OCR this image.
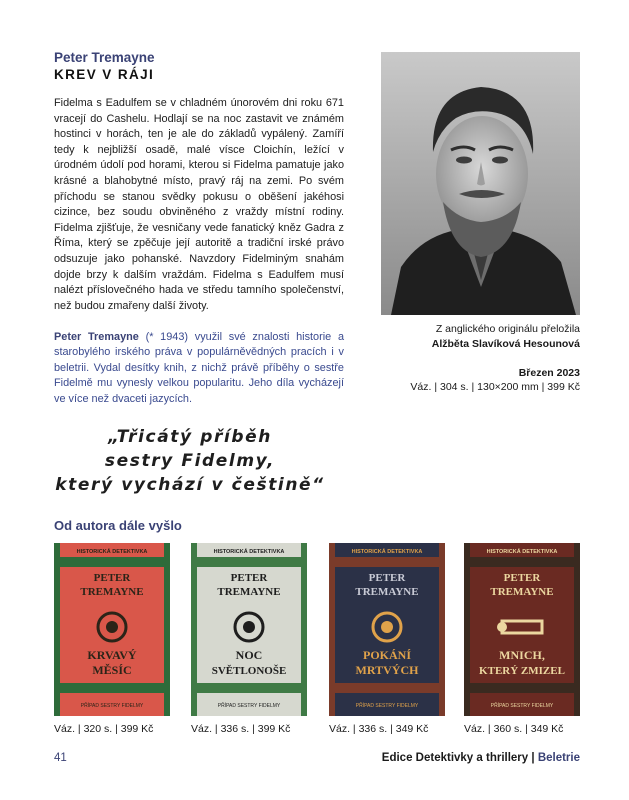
Peter Tremayne
KREV V RÁJI

Fidelma s Eadulfem se v chladném únorovém dni roku 671 vracejí do Cashelu. Hodlají se na noc zastavit ve známém hostinci v horách, ten je ale do základů vypálený. Zamíří tedy k nejbližší osadě, malé vísce Cloichín, ležící v úrodném údolí pod horami, kterou si Fidelma pamatuje jako krásné a blahobytné místo, pravý ráj na zemi. Po svém příchodu se stanou svědky pokusu o oběšení jakéhosi cizince, bez soudu obviněného z vraždy místní rodiny. Fidelma zjišťuje, že vesničany vede fanatický kněz Gadra z Říma, který se zpěčuje její autoritě a tradiční irské právo odsuzuje jako pohanské. Navzdory Fidelminým snahám dojde brzy k dalším vraždám. Fidelma s Eadulfem musí nalézt příslovečného hada ve středu tamního společenství, než budou zmařeny další životy.

Peter Tremayne (* 1943) využil své znalosti historie a starobylého irského práva v populárněvědných pracích i v beletrii. Vydal desítky knih, z nichž právě příběhy o sestře Fidelmě mu vynesly velkou popularitu. Jeho díla vycházejí ve více než dvaceti jazycích.

Z anglického originálu přeložila
Alžběta Slavíková Hesounová
Březen 2023
Váz. | 304 s. | 130×200 mm | 399 Kč
„Třicátý příběh
sestry Fidelmy,
který vychází v češtině“
Od autora dále vyšlo
HISTORICKÁ DETEKTIVKA
PETER
TREMAYNE
KRVAVÝ
MĚSÍC
PŘÍPAD SESTRY FIDELMY
Váz. | 320 s. | 399 Kč
HISTORICKÁ DETEKTIVKA
PETER
TREMAYNE
NOC
SVĚTLONOŠE
PŘÍPAD SESTRY FIDELMY
Váz. | 336 s. | 399 Kč
HISTORICKÁ DETEKTIVKA
PETER
TREMAYNE
POKÁNÍ
MRTVÝCH
PŘÍPAD SESTRY FIDELMY
Váz. | 336 s. | 349 Kč
HISTORICKÁ DETEKTIVKA
PETER
TREMAYNE
MNICH,
KTERÝ ZMIZEL
PŘÍPAD SESTRY FIDELMY
Váz. | 360 s. | 349 Kč
41	Edice Detektivky a thrillery | Beletrie
